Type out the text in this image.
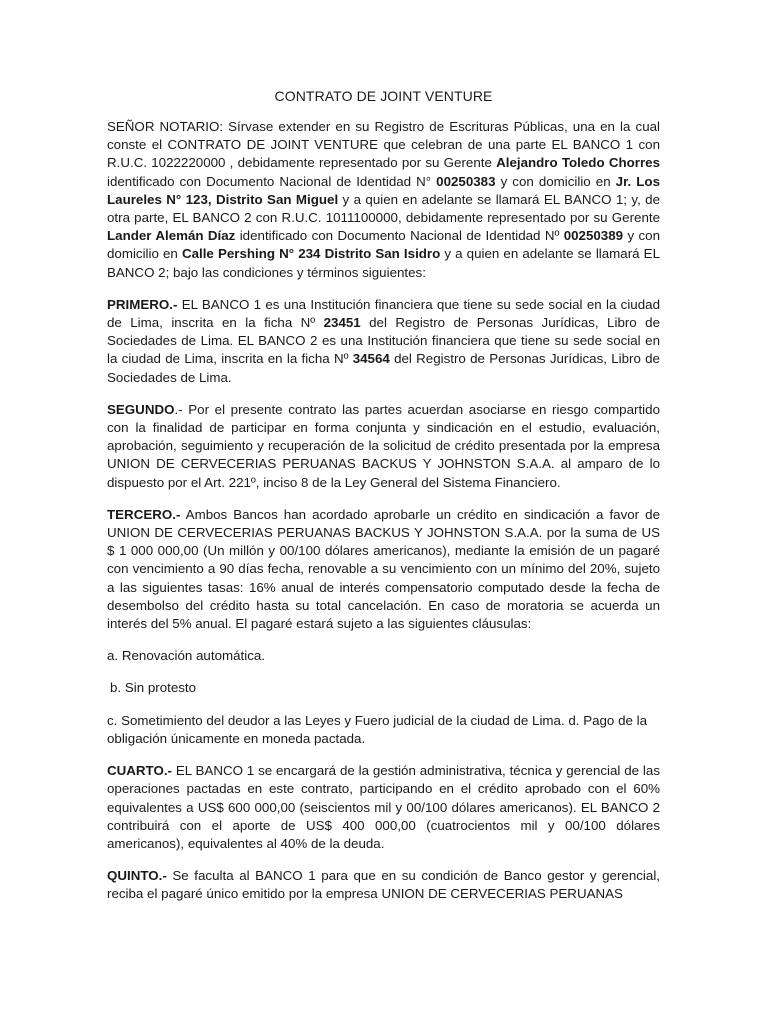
CONTRATO DE JOINT VENTURE

SEÑOR NOTARIO: Sírvase extender en su Registro de Escrituras Públicas, una en la cual conste el CONTRATO DE JOINT VENTURE que celebran de una parte EL BANCO 1 con R.U.C. 1022220000 , debidamente representado por su Gerente Alejandro Toledo Chorres identificado con Documento Nacional de Identidad N° 00250383 y con domicilio en Jr. Los Laureles N° 123, Distrito San Miguel y a quien en adelante se llamará EL BANCO 1; y, de otra parte, EL BANCO 2 con R.U.C. 1011100000, debidamente representado por su Gerente Lander Alemán Díaz identificado con Documento Nacional de Identidad Nº 00250389 y con domicilio en Calle Pershing N° 234 Distrito San Isidro y a quien en adelante se llamará EL BANCO 2; bajo las condiciones y términos siguientes:

PRIMERO.- EL BANCO 1 es una Institución financiera que tiene su sede social en la ciudad de Lima, inscrita en la ficha Nº 23451 del Registro de Personas Jurídicas, Libro de Sociedades de Lima. EL BANCO 2 es una Institución financiera que tiene su sede social en la ciudad de Lima, inscrita en la ficha Nº 34564 del Registro de Personas Jurídicas, Libro de Sociedades de Lima.

SEGUNDO.- Por el presente contrato las partes acuerdan asociarse en riesgo compartido con la finalidad de participar en forma conjunta y sindicación en el estudio, evaluación, aprobación, seguimiento y recuperación de la solicitud de crédito presentada por la empresa UNION DE CERVECERIAS PERUANAS BACKUS Y JOHNSTON S.A.A. al amparo de lo dispuesto por el Art. 221º, inciso 8 de la Ley General del Sistema Financiero.

TERCERO.- Ambos Bancos han acordado aprobarle un crédito en sindicación a favor de UNION DE CERVECERIAS PERUANAS BACKUS Y JOHNSTON S.A.A. por la suma de US $ 1 000 000,00 (Un millón y 00/100 dólares americanos), mediante la emisión de un pagaré con vencimiento a 90 días fecha, renovable a su vencimiento con un mínimo del 20%, sujeto a las siguientes tasas: 16% anual de interés compensatorio computado desde la fecha de desembolso del crédito hasta su total cancelación. En caso de moratoria se acuerda un interés del 5% anual. El pagaré estará sujeto a las siguientes cláusulas:

a. Renovación automática.

b. Sin protesto

c. Sometimiento del deudor a las Leyes y Fuero judicial de la ciudad de Lima. d. Pago de la obligación únicamente en moneda pactada.

CUARTO.- EL BANCO 1 se encargará de la gestión administrativa, técnica y gerencial de las operaciones pactadas en este contrato, participando en el crédito aprobado con el 60% equivalentes a US$ 600 000,00 (seiscientos mil y 00/100 dólares americanos). EL BANCO 2 contribuirá con el aporte de US$ 400 000,00 (cuatrocientos mil y 00/100 dólares americanos), equivalentes al 40% de la deuda.

QUINTO.- Se faculta al BANCO 1 para que en su condición de Banco gestor y gerencial, reciba el pagaré único emitido por la empresa UNION DE CERVECERIAS PERUANAS
